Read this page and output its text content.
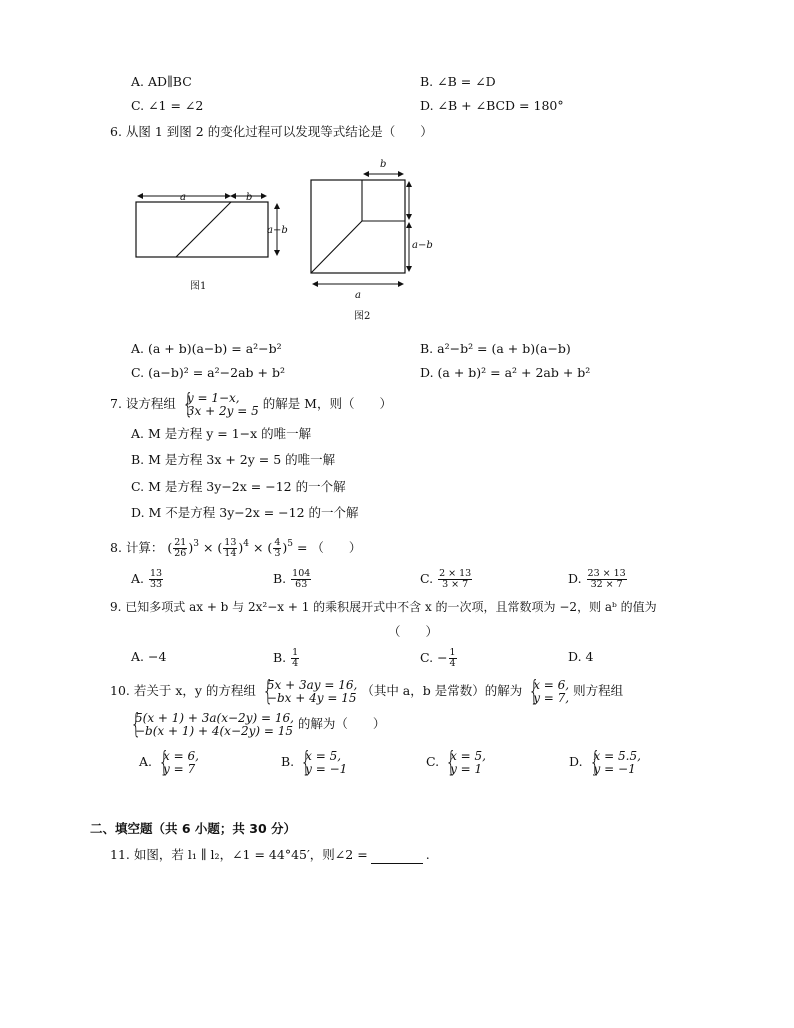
A. AD∥BC	B. ∠B = ∠D
C. ∠1 = ∠2	D. ∠B + ∠BCD = 180°
6. 从图 1 到图 2 的变化过程可以发现等式结论是（　　）
a	b
a−b
图1
b
a−b
a
图2
A. (a + b)(a−b) = a²−b²	B. a²−b² = (a + b)(a−b)
C. (a−b)² = a²−2ab + b²	D. (a + b)² = a² + 2ab + b²
7. 设方程组 { y = 1−x,
3x + 2y = 5 的解是 M，则（　　）
A. M 是方程 y = 1−x 的唯一解
B. M 是方程 3x + 2y = 5 的唯一解
C. M 是方程 3y−2x = −12 的一个解
D. M 不是方程 3y−2x = −12 的一个解
8. 计算： ( $\frac{21}{26} )^3$ × ( $\frac{13}{14} )^4$ × ( $\frac{4}{3} )^5$ = （　　）
A. $\frac{13}{33}$	B. $\frac{104}{63}$	C. $\frac{2 \times 13}{3 \times 7}$	D. $\frac{23 \times 13}{32 \times 7}$
9. 已知多项式 ax + b 与 2x²−x + 1 的乘积展开式中不含 x 的一次项，且常数项为 −2，则 aᵇ 的值为
（　　）
A. −4	B. $\frac{1}{4}$	C. − $\frac{1}{4}$	D. 4
10. 若关于 x，y 的方程组 { 5x + 3ay = 16,
−bx + 4y = 15 （其中 a，b 是常数）的解为 { x = 6,
y = 7, 则方程组
{ 5(x + 1) + 3a(x−2y) = 16,
−b(x + 1) + 4(x−2y) = 15 的解为（　　）
A. { x = 6,
y = 7	B. { x = 5,
y = −1	C. { x = 5,
y = 1	D. { x = 5.5,
y = −1
二、填空题（共 6 小题；共 30 分）
11. 如图，若 l₁ ∥ l₂，∠1 = 44°45′，则∠2 =	.
